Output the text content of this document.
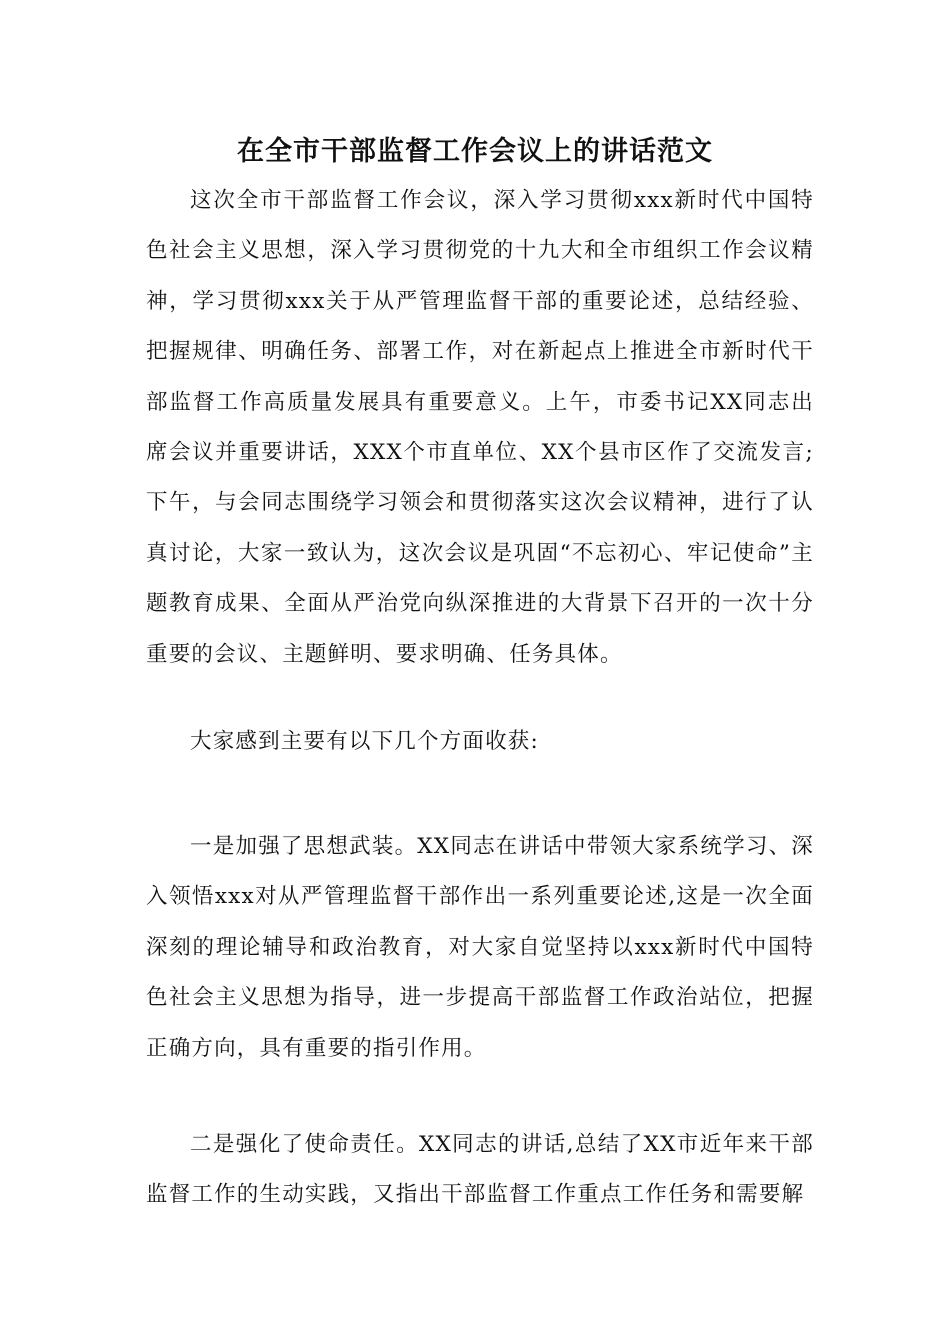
在全市干部监督工作会议上的讲话范文

这次全市干部监督工作会议，深入学习贯彻xxx新时代中国特色社会主义思想，深入学习贯彻党的十九大和全市组织工作会议精神，学习贯彻xxx关于从严管理监督干部的重要论述，总结经验、把握规律、明确任务、部署工作，对在新起点上推进全市新时代干部监督工作高质量发展具有重要意义。上午，市委书记XX同志出席会议并重要讲话，XXX个市直单位、XX个县市区作了交流发言;下午，与会同志围绕学习领会和贯彻落实这次会议精神，进行了认真讨论，大家一致认为，这次会议是巩固“不忘初心、牢记使命”主题教育成果、全面从严治党向纵深推进的大背景下召开的一次十分重要的会议、主题鲜明、要求明确、任务具体。

大家感到主要有以下几个方面收获:

一是加强了思想武装。XX同志在讲话中带领大家系统学习、深入领悟xxx对从严管理监督干部作出一系列重要论述,这是一次全面深刻的理论辅导和政治教育，对大家自觉坚持以xxx新时代中国特色社会主义思想为指导，进一步提高干部监督工作政治站位，把握正确方向，具有重要的指引作用。

二是强化了使命责任。XX同志的讲话,总结了XX市近年来干部监督工作的生动实践，又指出干部监督工作重点工作任务和需要解
